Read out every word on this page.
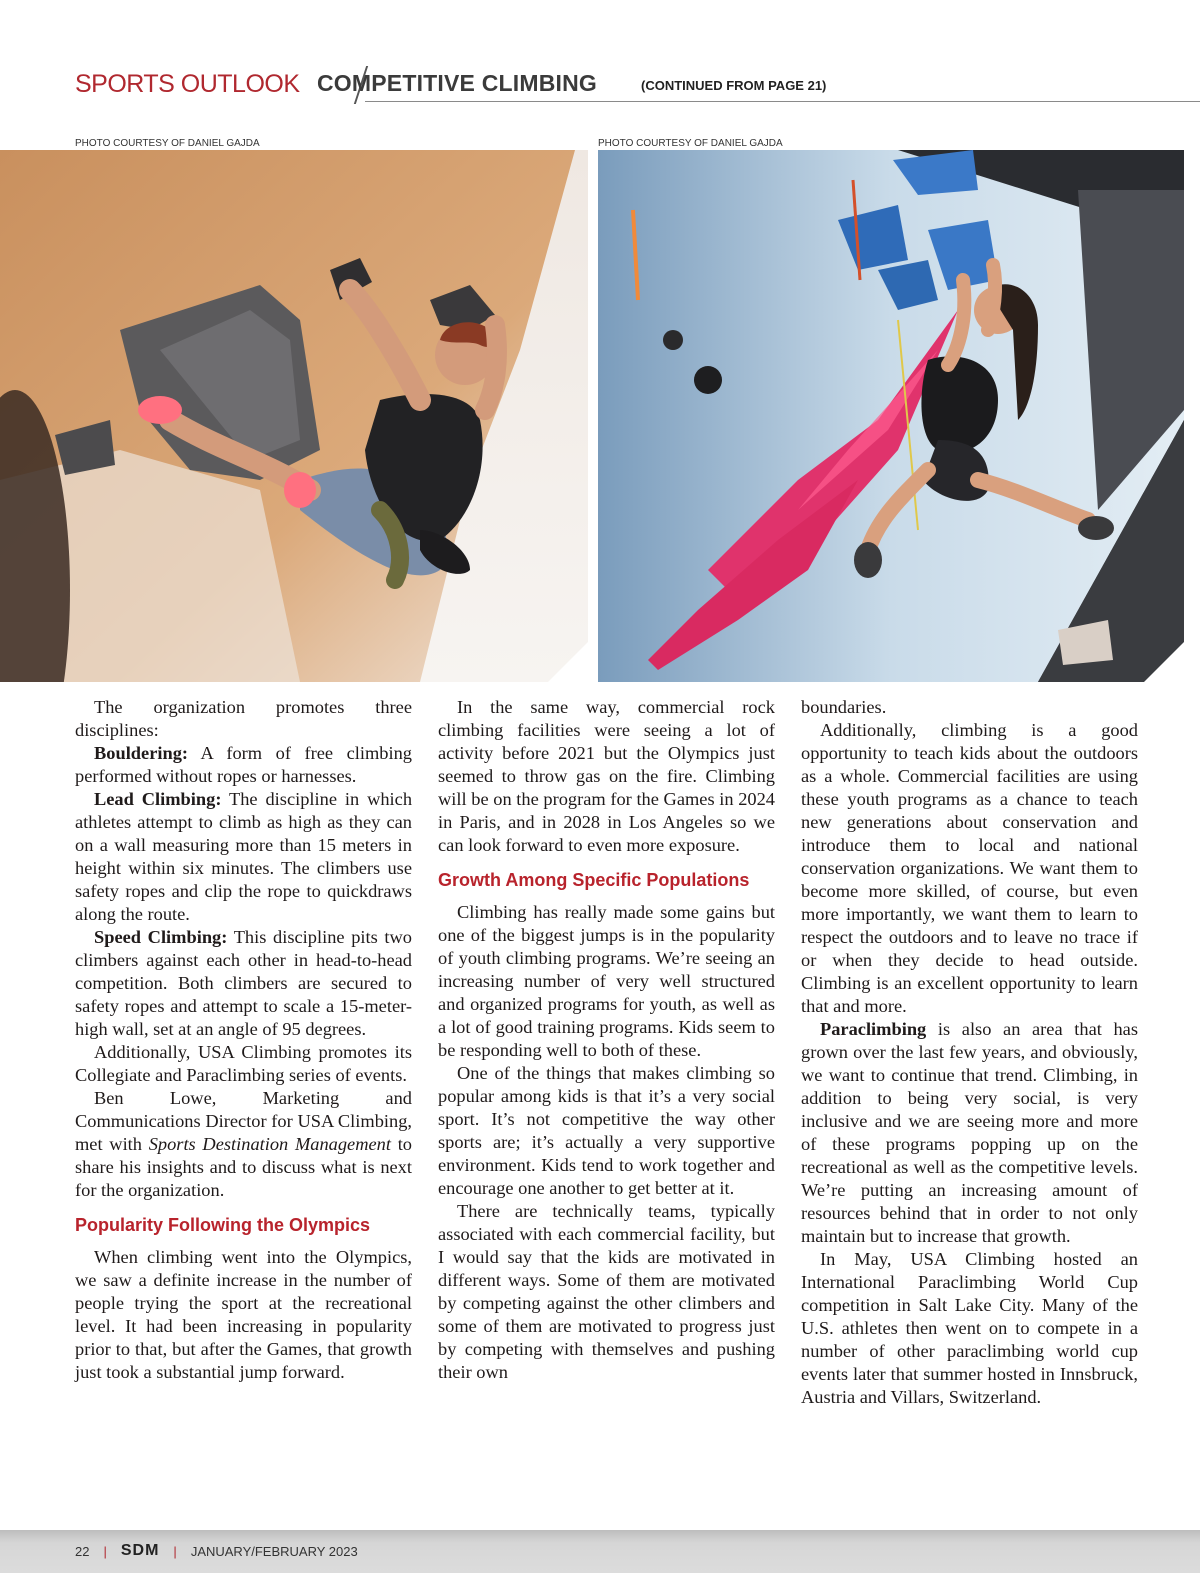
SPORTS OUTLOOK COMPETITIVE CLIMBING	(CONTINUED FROM PAGE 21)
PHOTO COURTESY OF DANIEL GAJDA	PHOTO COURTESY OF DANIEL GAJDA

The organization promotes three disciplines:

Bouldering: A form of free climbing performed without ropes or harnesses.

Lead Climbing: The discipline in which athletes attempt to climb as high as they can on a wall measuring more than 15 meters in height within six minutes. The climbers use safety ropes and clip the rope to quickdraws along the route.

Speed Climbing: This discipline pits two climbers against each other in head-to-head competition. Both climbers are secured to safety ropes and attempt to scale a 15-meter-high wall, set at an angle of 95 degrees.

Additionally, USA Climbing promotes its Collegiate and Paraclimbing series of events.

Ben Lowe, Marketing and Communications Director for USA Climbing, met with Sports Destination Management to share his insights and to discuss what is next for the organization.

Popularity Following the Olympics

When climbing went into the Olympics, we saw a definite increase in the number of people trying the sport at the recreational level. It had been increasing in popularity prior to that, but after the Games, that growth just took a substantial jump forward.

In the same way, commercial rock climbing facilities were seeing a lot of activity before 2021 but the Olympics just seemed to throw gas on the fire. Climbing will be on the program for the Games in 2024 in Paris, and in 2028 in Los Angeles so we can look forward to even more exposure.

Growth Among Specific Populations

Climbing has really made some gains but one of the biggest jumps is in the popularity of youth climbing programs. We’re seeing an increasing number of very well structured and organized programs for youth, as well as a lot of good training programs. Kids seem to be responding well to both of these.

One of the things that makes climbing so popular among kids is that it’s a very social sport. It’s not competitive the way other sports are; it’s actually a very supportive environment. Kids tend to work together and encourage one another to get better at it.

There are technically teams, typically associated with each commercial facility, but I would say that the kids are motivated in different ways. Some of them are motivated by competing against the other climbers and some of them are motivated to progress just by competing with themselves and pushing their own

boundaries.

Additionally, climbing is a good opportunity to teach kids about the outdoors as a whole. Commercial facilities are using these youth programs as a chance to teach new generations about conservation and introduce them to local and national conservation organizations. We want them to become more skilled, of course, but even more importantly, we want them to learn to respect the outdoors and to leave no trace if or when they decide to head outside. Climbing is an excellent opportunity to learn that and more.

Paraclimbing is also an area that has grown over the last few years, and obviously, we want to continue that trend. Climbing, in addition to being very social, is very inclusive and we are seeing more and more of these programs popping up on the recreational as well as the competitive levels. We’re putting an increasing amount of resources behind that in order to not only maintain but to increase that growth.

In May, USA Climbing hosted an International Paraclimbing World Cup competition in Salt Lake City. Many of the U.S. athletes then went on to compete in a number of other paraclimbing world cup events later that summer hosted in Innsbruck, Austria and Villars, Switzerland.

22 | SDM | JANUARY/FEBRUARY 2023
